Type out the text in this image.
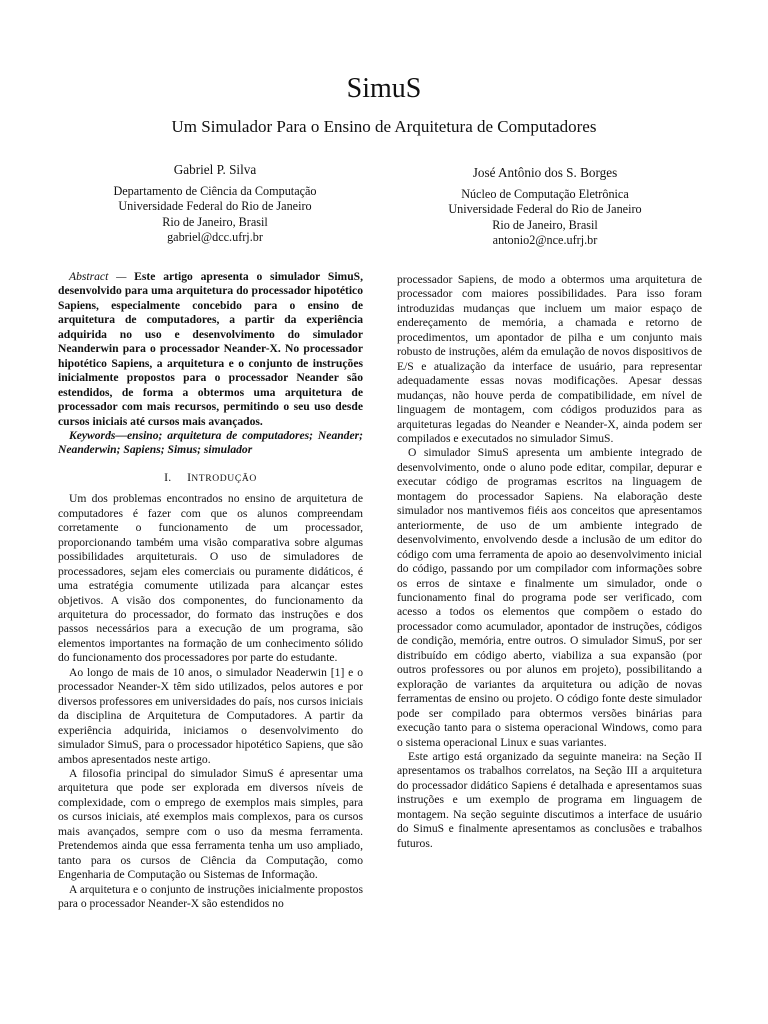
SimuS
Um Simulador Para o Ensino de Arquitetura de Computadores
Gabriel P. Silva
Departamento de Ciência da Computação
Universidade Federal do Rio de Janeiro
Rio de Janeiro, Brasil
gabriel@dcc.ufrj.br
José Antônio dos S. Borges
Núcleo de Computação Eletrônica
Universidade Federal do Rio de Janeiro
Rio de Janeiro, Brasil
antonio2@nce.ufrj.br

Abstract — Este artigo apresenta o simulador SimuS, desenvolvido para uma arquitetura do processador hipotético Sapiens, especialmente concebido para o ensino de arquitetura de computadores, a partir da experiência adquirida no uso e desenvolvimento do simulador Neanderwin para o processador Neander-X. No processador hipotético Sapiens, a arquitetura e o conjunto de instruções inicialmente propostos para o processador Neander são estendidos, de forma a obtermos uma arquitetura de processador com mais recursos, permitindo o seu uso desde cursos iniciais até cursos mais avançados.

Keywords—ensino; arquitetura de computadores; Neander; Neanderwin; Sapiens; Simus; simulador

I. INTRODUÇÃO

Um dos problemas encontrados no ensino de arquitetura de computadores é fazer com que os alunos compreendam corretamente o funcionamento de um processador, proporcionando também uma visão comparativa sobre algumas possibilidades arquiteturais. O uso de simuladores de processadores, sejam eles comerciais ou puramente didáticos, é uma estratégia comumente utilizada para alcançar estes objetivos. A visão dos componentes, do funcionamento da arquitetura do processador, do formato das instruções e dos passos necessários para a execução de um programa, são elementos importantes na formação de um conhecimento sólido do funcionamento dos processadores por parte do estudante.

Ao longo de mais de 10 anos, o simulador Neaderwin [1] e o processador Neander-X têm sido utilizados, pelos autores e por diversos professores em universidades do país, nos cursos iniciais da disciplina de Arquitetura de Computadores. A partir da experiência adquirida, iniciamos o desenvolvimento do simulador SimuS, para o processador hipotético Sapiens, que são ambos apresentados neste artigo.

A filosofia principal do simulador SimuS é apresentar uma arquitetura que pode ser explorada em diversos níveis de complexidade, com o emprego de exemplos mais simples, para os cursos iniciais, até exemplos mais complexos, para os cursos mais avançados, sempre com o uso da mesma ferramenta. Pretendemos ainda que essa ferramenta tenha um uso ampliado, tanto para os cursos de Ciência da Computação, como Engenharia de Computação ou Sistemas de Informação.

A arquitetura e o conjunto de instruções inicialmente propostos para o processador Neander-X são estendidos no

processador Sapiens, de modo a obtermos uma arquitetura de processador com maiores possibilidades. Para isso foram introduzidas mudanças que incluem um maior espaço de endereçamento de memória, a chamada e retorno de procedimentos, um apontador de pilha e um conjunto mais robusto de instruções, além da emulação de novos dispositivos de E/S e atualização da interface de usuário, para representar adequadamente essas novas modificações. Apesar dessas mudanças, não houve perda de compatibilidade, em nível de linguagem de montagem, com códigos produzidos para as arquiteturas legadas do Neander e Neander-X, ainda podem ser compilados e executados no simulador SimuS.

O simulador SimuS apresenta um ambiente integrado de desenvolvimento, onde o aluno pode editar, compilar, depurar e executar código de programas escritos na linguagem de montagem do processador Sapiens. Na elaboração deste simulador nos mantivemos fiéis aos conceitos que apresentamos anteriormente, de uso de um ambiente integrado de desenvolvimento, envolvendo desde a inclusão de um editor do código com uma ferramenta de apoio ao desenvolvimento inicial do código, passando por um compilador com informações sobre os erros de sintaxe e finalmente um simulador, onde o funcionamento final do programa pode ser verificado, com acesso a todos os elementos que compõem o estado do processador como acumulador, apontador de instruções, códigos de condição, memória, entre outros. O simulador SimuS, por ser distribuído em código aberto, viabiliza a sua expansão (por outros professores ou por alunos em projeto), possibilitando a exploração de variantes da arquitetura ou adição de novas ferramentas de ensino ou projeto. O código fonte deste simulador pode ser compilado para obtermos versões binárias para execução tanto para o sistema operacional Windows, como para o sistema operacional Linux e suas variantes.

Este artigo está organizado da seguinte maneira: na Seção II apresentamos os trabalhos correlatos, na Seção III a arquitetura do processador didático Sapiens é detalhada e apresentamos suas instruções e um exemplo de programa em linguagem de montagem. Na seção seguinte discutimos a interface de usuário do SimuS e finalmente apresentamos as conclusões e trabalhos futuros.
